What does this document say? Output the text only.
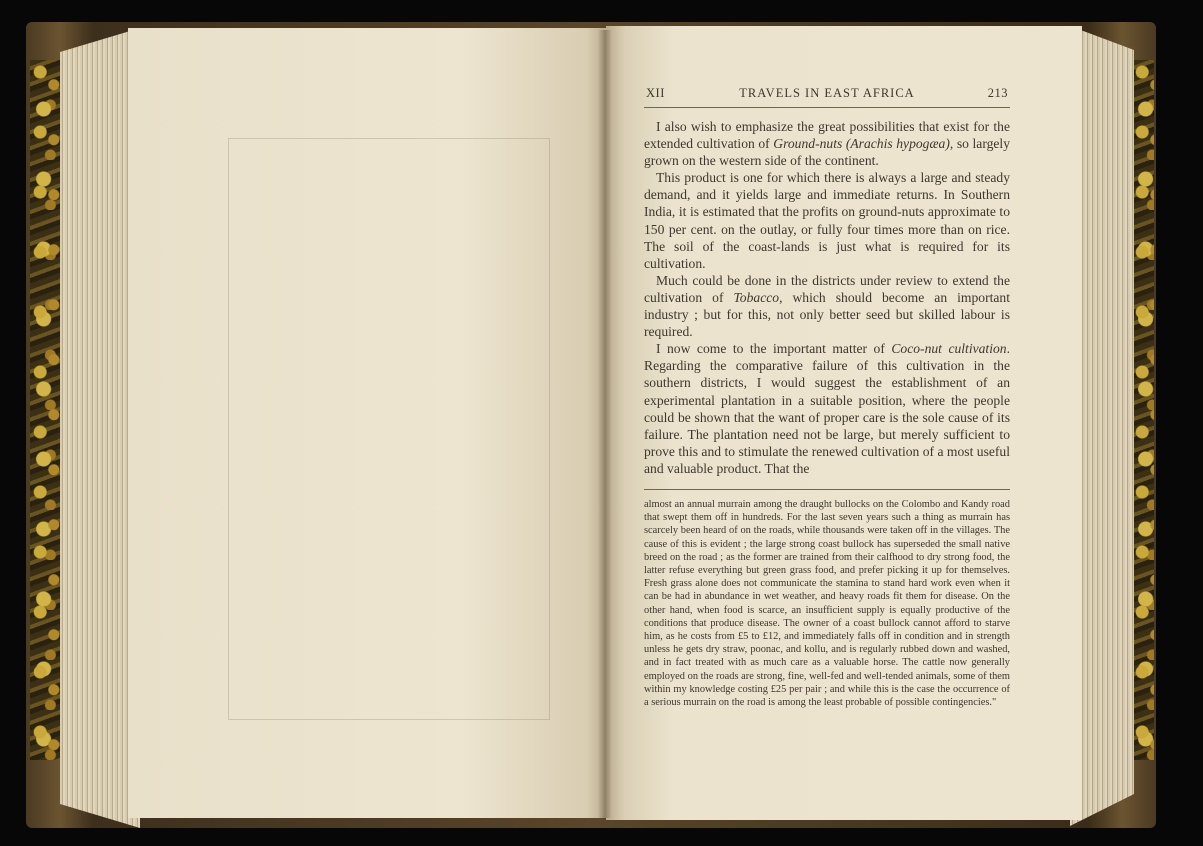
XII	TRAVELS IN EAST AFRICA	213

I also wish to emphasize the great possibilities that exist for the extended cultivation of Ground-nuts (Arachis hypogæa), so largely grown on the western side of the continent.

This product is one for which there is always a large and steady demand, and it yields large and immediate returns. In Southern India, it is estimated that the profits on ground-nuts approximate to 150 per cent. on the outlay, or fully four times more than on rice. The soil of the coast-lands is just what is required for its cultivation.

Much could be done in the districts under review to extend the cultivation of Tobacco, which should become an important industry ; but for this, not only better seed but skilled labour is required.

I now come to the important matter of Coco-nut cultivation. Regarding the comparative failure of this cultivation in the southern districts, I would suggest the establishment of an experimental plantation in a suitable position, where the people could be shown that the want of proper care is the sole cause of its failure. The plantation need not be large, but merely sufficient to prove this and to stimulate the renewed cultivation of a most useful and valuable product. That the

almost an annual murrain among the draught bullocks on the Colombo and Kandy road that swept them off in hundreds. For the last seven years such a thing as murrain has scarcely been heard of on the roads, while thousands were taken off in the villages. The cause of this is evident ; the large strong coast bullock has superseded the small native breed on the road ; as the former are trained from their calfhood to dry strong food, the latter refuse everything but green grass food, and prefer picking it up for themselves. Fresh grass alone does not communicate the stamina to stand hard work even when it can be had in abundance in wet weather, and heavy roads fit them for disease. On the other hand, when food is scarce, an insufficient supply is equally productive of the conditions that produce disease. The owner of a coast bullock cannot afford to starve him, as he costs from £5 to £12, and immediately falls off in condition and in strength unless he gets dry straw, poonac, and kollu, and is regularly rubbed down and washed, and in fact treated with as much care as a valuable horse. The cattle now generally employed on the roads are strong, fine, well-fed and well-tended animals, some of them within my knowledge costing £25 per pair ; and while this is the case the occurrence of a serious murrain on the road is among the least probable of possible contingencies."
